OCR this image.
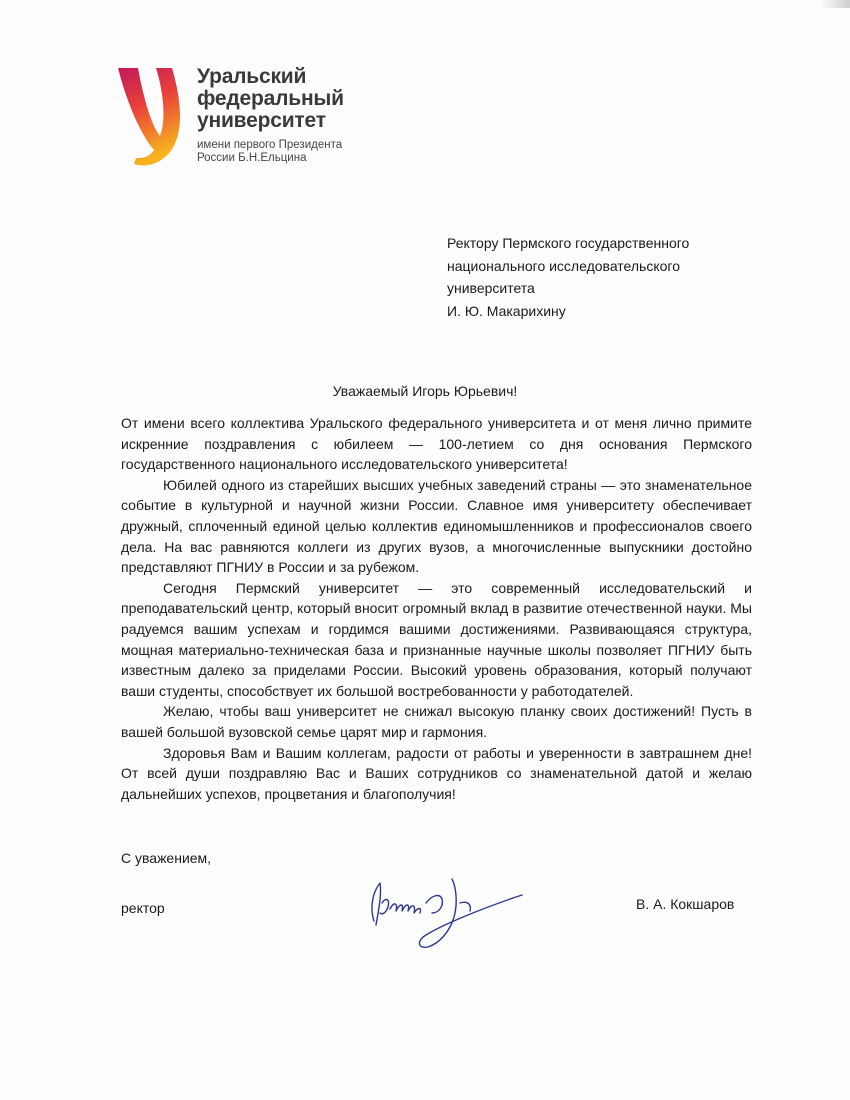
Уральский
федеральный
университет
имени первого Президента
России Б.Н.Ельцина
Ректору Пермского государственного
национального исследовательского
университета
И. Ю. Макарихину
Уважаемый Игорь Юрьевич!

От имени всего коллектива Уральского федерального университета и от меня лично примите искренние поздравления с юбилеем — 100-летием со дня основания Пермского государственного национального исследовательского университета!

Юбилей одного из старейших высших учебных заведений страны — это знаменательное событие в культурной и научной жизни России. Славное имя университету обеспечивает дружный, сплоченный единой целью коллектив единомышленников и профессионалов своего дела. На вас равняются коллеги из других вузов, а многочисленные выпускники достойно представляют ПГНИУ в России и за рубежом.

Сегодня Пермский университет — это современный исследовательский и преподавательский центр, который вносит огромный вклад в развитие отечественной науки. Мы радуемся вашим успехам и гордимся вашими достижениями. Развивающаяся структура, мощная материально-техническая база и признанные научные школы позволяет ПГНИУ быть известным далеко за приделами России. Высокий уровень образования, который получают ваши студенты, способствует их большой востребованности у работодателей.

Желаю, чтобы ваш университет не снижал высокую планку своих достижений! Пусть в вашей большой вузовской семье царят мир и гармония.

Здоровья Вам и Вашим коллегам, радости от работы и уверенности в завтрашнем дне! От всей души поздравляю Вас и Ваших сотрудников со знаменательной датой и желаю дальнейших успехов, процветания и благополучия!

С уважением,
ректор	В. А. Кокшаров
